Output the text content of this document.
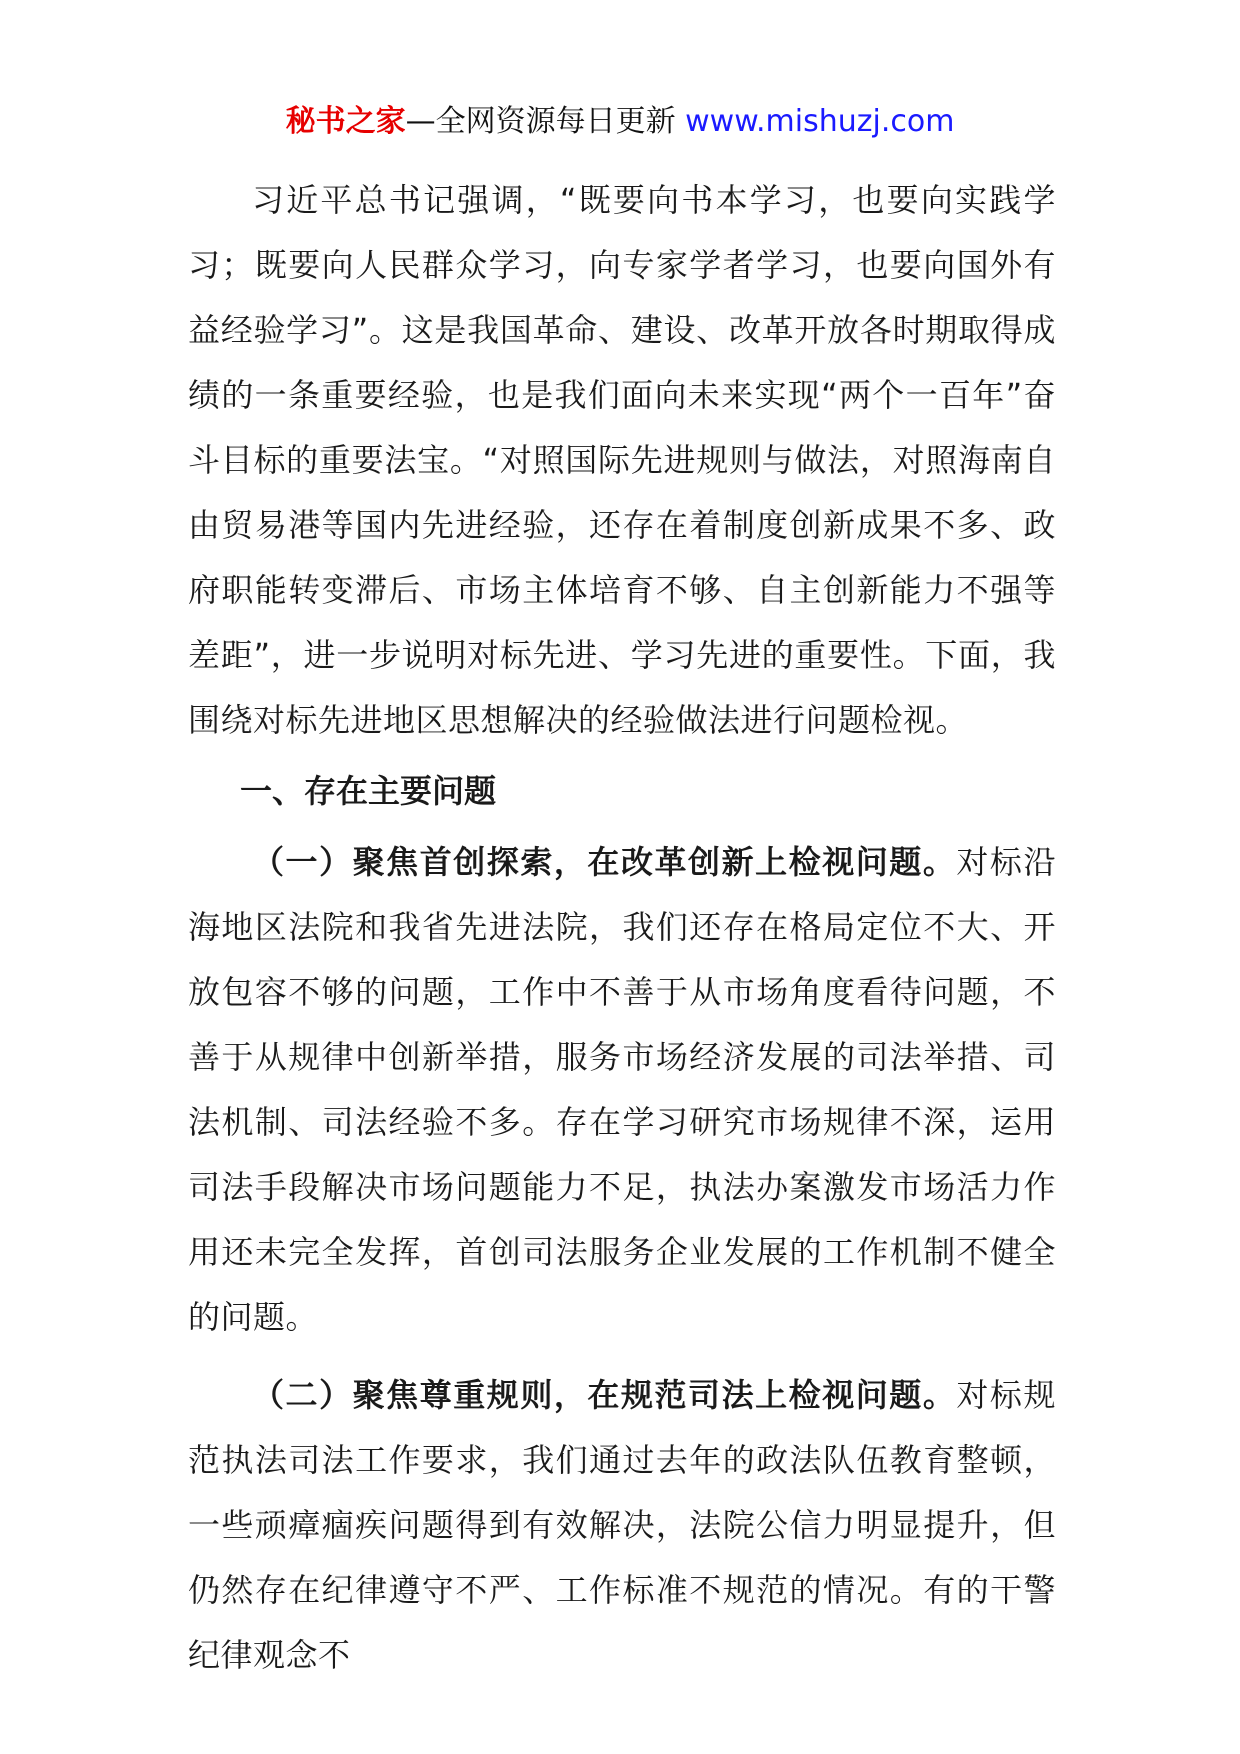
秘书之家—全网资源每日更新 www.mishuzj.com

习近平总书记强调，“既要向书本学习，也要向实践学习；既要向人民群众学习，向专家学者学习，也要向国外有益经验学习”。这是我国革命、建设、改革开放各时期取得成绩的一条重要经验，也是我们面向未来实现“两个一百年”奋斗目标的重要法宝。“对照国际先进规则与做法，对照海南自由贸易港等国内先进经验，还存在着制度创新成果不多、政府职能转变滞后、市场主体培育不够、自主创新能力不强等差距”，进一步说明对标先进、学习先进的重要性。下面，我围绕对标先进地区思想解决的经验做法进行问题检视。

一、存在主要问题

（一）聚焦首创探索，在改革创新上检视问题。对标沿海地区法院和我省先进法院，我们还存在格局定位不大、开放包容不够的问题，工作中不善于从市场角度看待问题，不善于从规律中创新举措，服务市场经济发展的司法举措、司法机制、司法经验不多。存在学习研究市场规律不深，运用司法手段解决市场问题能力不足，执法办案激发市场活力作用还未完全发挥，首创司法服务企业发展的工作机制不健全的问题。

（二）聚焦尊重规则，在规范司法上检视问题。对标规范执法司法工作要求，我们通过去年的政法队伍教育整顿，一些顽瘴痼疾问题得到有效解决，法院公信力明显提升，但仍然存在纪律遵守不严、工作标准不规范的情况。有的干警纪律观念不
